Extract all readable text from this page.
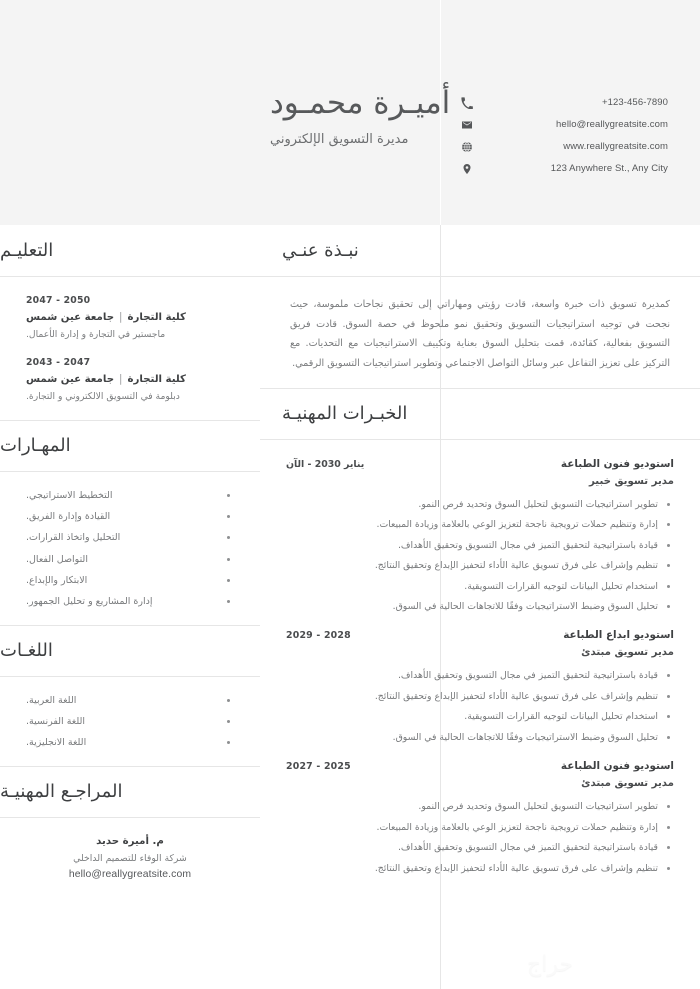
أميـرة محمـود
مديرة التسويق الإلكتروني
+123-456-7890
hello@reallygreatsite.com
www.reallygreatsite.com
123 Anywhere St., Any City
نبـذة عنـي

كمديرة تسويق ذات خبرة واسعة، قادت رؤيتي ومهاراتي إلى تحقيق نجاحات ملموسة، حيث نجحت في توجيه استراتيجيات التسويق وتحقيق نمو ملحوظ في حصة السوق. قادت فريق التسويق بفعالية، كقائدة، قمت بتحليل السوق بعناية وتكييف الاستراتيجيات مع التحديات. مع التركيز على تعزيز التفاعل عبر وسائل التواصل الاجتماعي وتطوير استراتيجيات التسويق الرقمي.

الخبـرات المهنيـة
استوديو فنون الطباعة
مدير تسويق خبير
يناير 2030 - الآن
تطوير استراتيجيات التسويق لتحليل السوق وتحديد فرص النمو.
إدارة وتنظيم حملات ترويجية ناجحة لتعزيز الوعي بالعلامة وزيادة المبيعات.
قيادة باستراتيجية لتحقيق التميز في مجال التسويق وتحقيق الأهداف.
تنظيم وإشراف على فرق تسويق عالية الأداء لتحفيز الإبداع وتحقيق النتائج.
استخدام تحليل البيانات لتوجيه القرارات التسويقية.
تحليل السوق وضبط الاستراتيجيات وفقًا للاتجاهات الحالية في السوق.
استوديو ابداع الطباعة
مدير تسويق مبتدئ
2028 - 2029
قيادة باستراتيجية لتحقيق التميز في مجال التسويق وتحقيق الأهداف.
تنظيم وإشراف على فرق تسويق عالية الأداء لتحفيز الإبداع وتحقيق النتائج.
استخدام تحليل البيانات لتوجيه القرارات التسويقية.
تحليل السوق وضبط الاستراتيجيات وفقًا للاتجاهات الحالية في السوق.
استوديو فنون الطباعة
مدير تسويق مبتدئ
2025 - 2027
تطوير استراتيجيات التسويق لتحليل السوق وتحديد فرص النمو.
إدارة وتنظيم حملات ترويجية ناجحة لتعزيز الوعي بالعلامة وزيادة المبيعات.
قيادة باستراتيجية لتحقيق التميز في مجال التسويق وتحقيق الأهداف.
تنظيم وإشراف على فرق تسويق عالية الأداء لتحفيز الإبداع وتحقيق النتائج.
التعليـم
2050 - 2047
كلية التجارة|جامعة عين شمس
ماجستير في التجارة و إدارة الأعمال.
2047 - 2043
كلية التجارة|جامعة عين شمس
دبلومة في التسويق الالكتروني و التجارة.
المهـارات
التخطيط الاستراتيجي.
القيادة وإدارة الفريق.
التحليل واتخاذ القرارات.
التواصل الفعال.
الابتكار والإبداع.
إدارة المشاريع و تحليل الجمهور.
اللغـات
اللغة العربية.
اللغة الفرنسية.
اللغة الانجليزية.
المراجـع المهنيـة
م. أميرة حديد
شركة الوفاء للتصميم الداخلي
hello@reallygreatsite.com
حراج
